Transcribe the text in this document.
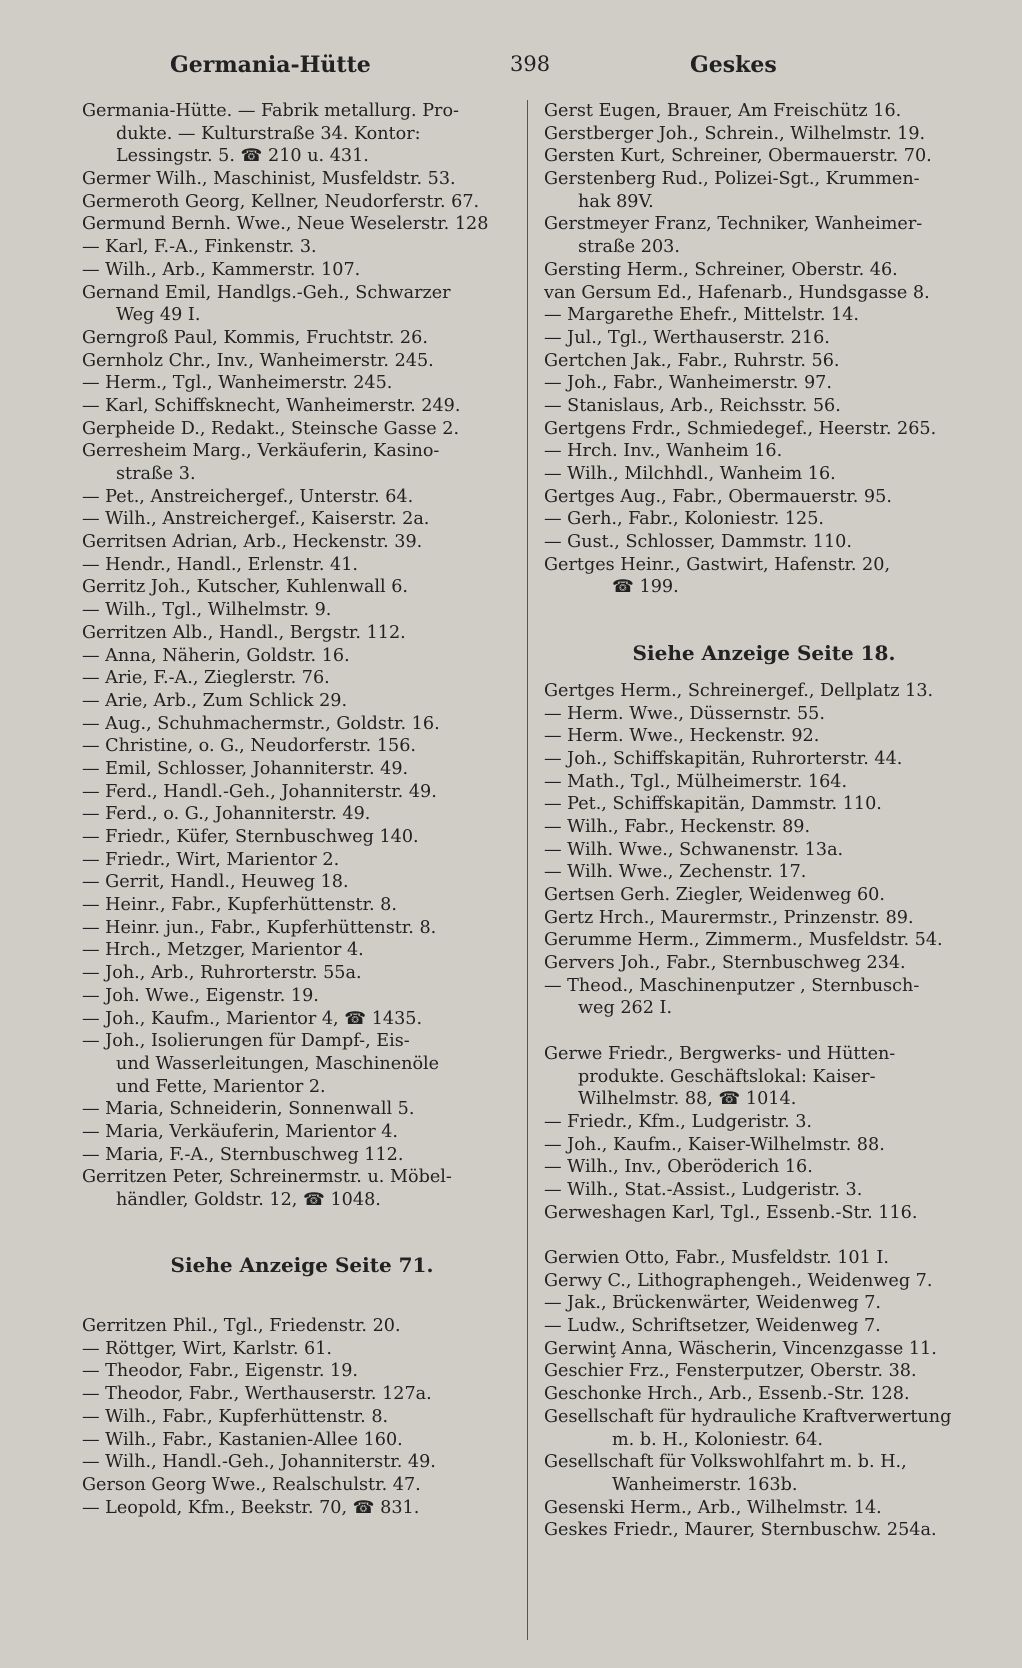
Germania-Hütte	398	Geskes
Germania-Hütte. — Fabrik metallurg. Pro-
dukte. — Kulturstraße 34. Kontor:
Lessingstr. 5. ☎ 210 u. 431.
Germer Wilh., Maschinist, Musfeldstr. 53.
Germeroth Georg, Kellner, Neudorferstr. 67.
Germund Bernh. Wwe., Neue Weselerstr. 128
— Karl, F.-A., Finkenstr. 3.
— Wilh., Arb., Kammerstr. 107.
Gernand Emil, Handlgs.-Geh., Schwarzer
Weg 49 I.
Gerngroß Paul, Kommis, Fruchtstr. 26.
Gernholz Chr., Inv., Wanheimerstr. 245.
— Herm., Tgl., Wanheimerstr. 245.
— Karl, Schiffsknecht, Wanheimerstr. 249.
Gerpheide D., Redakt., Steinsche Gasse 2.
Gerresheim Marg., Verkäuferin, Kasino-
straße 3.
— Pet., Anstreichergef., Unterstr. 64.
— Wilh., Anstreichergef., Kaiserstr. 2a.
Gerritsen Adrian, Arb., Heckenstr. 39.
— Hendr., Handl., Erlenstr. 41.
Gerritz Joh., Kutscher, Kuhlenwall 6.
— Wilh., Tgl., Wilhelmstr. 9.
Gerritzen Alb., Handl., Bergstr. 112.
— Anna, Näherin, Goldstr. 16.
— Arie, F.-A., Zieglerstr. 76.
— Arie, Arb., Zum Schlick 29.
— Aug., Schuhmachermstr., Goldstr. 16.
— Christine, o. G., Neudorferstr. 156.
— Emil, Schlosser, Johanniterstr. 49.
— Ferd., Handl.-Geh., Johanniterstr. 49.
— Ferd., o. G., Johanniterstr. 49.
— Friedr., Küfer, Sternbuschweg 140.
— Friedr., Wirt, Marientor 2.
— Gerrit, Handl., Heuweg 18.
— Heinr., Fabr., Kupferhüttenstr. 8.
— Heinr. jun., Fabr., Kupferhüttenstr. 8.
— Hrch., Metzger, Marientor 4.
— Joh., Arb., Ruhrorterstr. 55a.
— Joh. Wwe., Eigenstr. 19.
— Joh., Kaufm., Marientor 4, ☎ 1435.
— Joh., Isolierungen für Dampf-, Eis-
und Wasserleitungen, Maschinenöle
und Fette, Marientor 2.
— Maria, Schneiderin, Sonnenwall 5.
— Maria, Verkäuferin, Marientor 4.
— Maria, F.-A., Sternbuschweg 112.
Gerritzen Peter, Schreinermstr. u. Möbel-
händler, Goldstr. 12, ☎ 1048.
Siehe Anzeige Seite 71.
Gerritzen Phil., Tgl., Friedenstr. 20.
— Röttger, Wirt, Karlstr. 61.
— Theodor, Fabr., Eigenstr. 19.
— Theodor, Fabr., Werthauserstr. 127a.
— Wilh., Fabr., Kupferhüttenstr. 8.
— Wilh., Fabr., Kastanien-Allee 160.
— Wilh., Handl.-Geh., Johanniterstr. 49.
Gerson Georg Wwe., Realschulstr. 47.
— Leopold, Kfm., Beekstr. 70, ☎ 831.
Gerst Eugen, Brauer, Am Freischütz 16.
Gerstberger Joh., Schrein., Wilhelmstr. 19.
Gersten Kurt, Schreiner, Obermauerstr. 70.
Gerstenberg Rud., Polizei-Sgt., Krummen-
hak 89V.
Gerstmeyer Franz, Techniker, Wanheimer-
straße 203.
Gersting Herm., Schreiner, Oberstr. 46.
van Gersum Ed., Hafenarb., Hundsgasse 8.
— Margarethe Ehefr., Mittelstr. 14.
— Jul., Tgl., Werthauserstr. 216.
Gertchen Jak., Fabr., Ruhrstr. 56.
— Joh., Fabr., Wanheimerstr. 97.
— Stanislaus, Arb., Reichsstr. 56.
Gertgens Frdr., Schmiedegef., Heerstr. 265.
— Hrch. Inv., Wanheim 16.
— Wilh., Milchhdl., Wanheim 16.
Gertges Aug., Fabr., Obermauerstr. 95.
— Gerh., Fabr., Koloniestr. 125.
— Gust., Schlosser, Dammstr. 110.
Gertges Heinr., Gastwirt, Hafenstr. 20,
☎ 199.
Siehe Anzeige Seite 18.
Gertges Herm., Schreinergef., Dellplatz 13.
— Herm. Wwe., Düssernstr. 55.
— Herm. Wwe., Heckenstr. 92.
— Joh., Schiffskapitän, Ruhrorterstr. 44.
— Math., Tgl., Mülheimerstr. 164.
— Pet., Schiffskapitän, Dammstr. 110.
— Wilh., Fabr., Heckenstr. 89.
— Wilh. Wwe., Schwanenstr. 13a.
— Wilh. Wwe., Zechenstr. 17.
Gertsen Gerh. Ziegler, Weidenweg 60.
Gertz Hrch., Maurermstr., Prinzenstr. 89.
Gerumme Herm., Zimmerm., Musfeldstr. 54.
Gervers Joh., Fabr., Sternbuschweg 234.
— Theod., Maschinenputzer , Sternbusch-
weg 262 I.
Gerwe Friedr., Bergwerks- und Hütten-
produkte. Geschäftslokal: Kaiser-
Wilhelmstr. 88, ☎ 1014.
— Friedr., Kfm., Ludgeristr. 3.
— Joh., Kaufm., Kaiser-Wilhelmstr. 88.
— Wilh., Inv., Oberöderich 16.
— Wilh., Stat.-Assist., Ludgeristr. 3.
Gerweshagen Karl, Tgl., Essenb.-Str. 116.
Gerwien Otto, Fabr., Musfeldstr. 101 I.
Gerwy C., Lithographengeh., Weidenweg 7.
— Jak., Brückenwärter, Weidenweg 7.
— Ludw., Schriftsetzer, Weidenweg 7.
Gerwinţ Anna, Wäscherin, Vincenzgasse 11.
Geschier Frz., Fensterputzer, Oberstr. 38.
Geschonke Hrch., Arb., Essenb.-Str. 128.
Gesellschaft für hydrauliche Kraftverwertung
m. b. H., Koloniestr. 64.
Gesellschaft für Volkswohlfahrt m. b. H.,
Wanheimerstr. 163b.
Gesenski Herm., Arb., Wilhelmstr. 14.
Geskes Friedr., Maurer, Sternbuschw. 254a.
